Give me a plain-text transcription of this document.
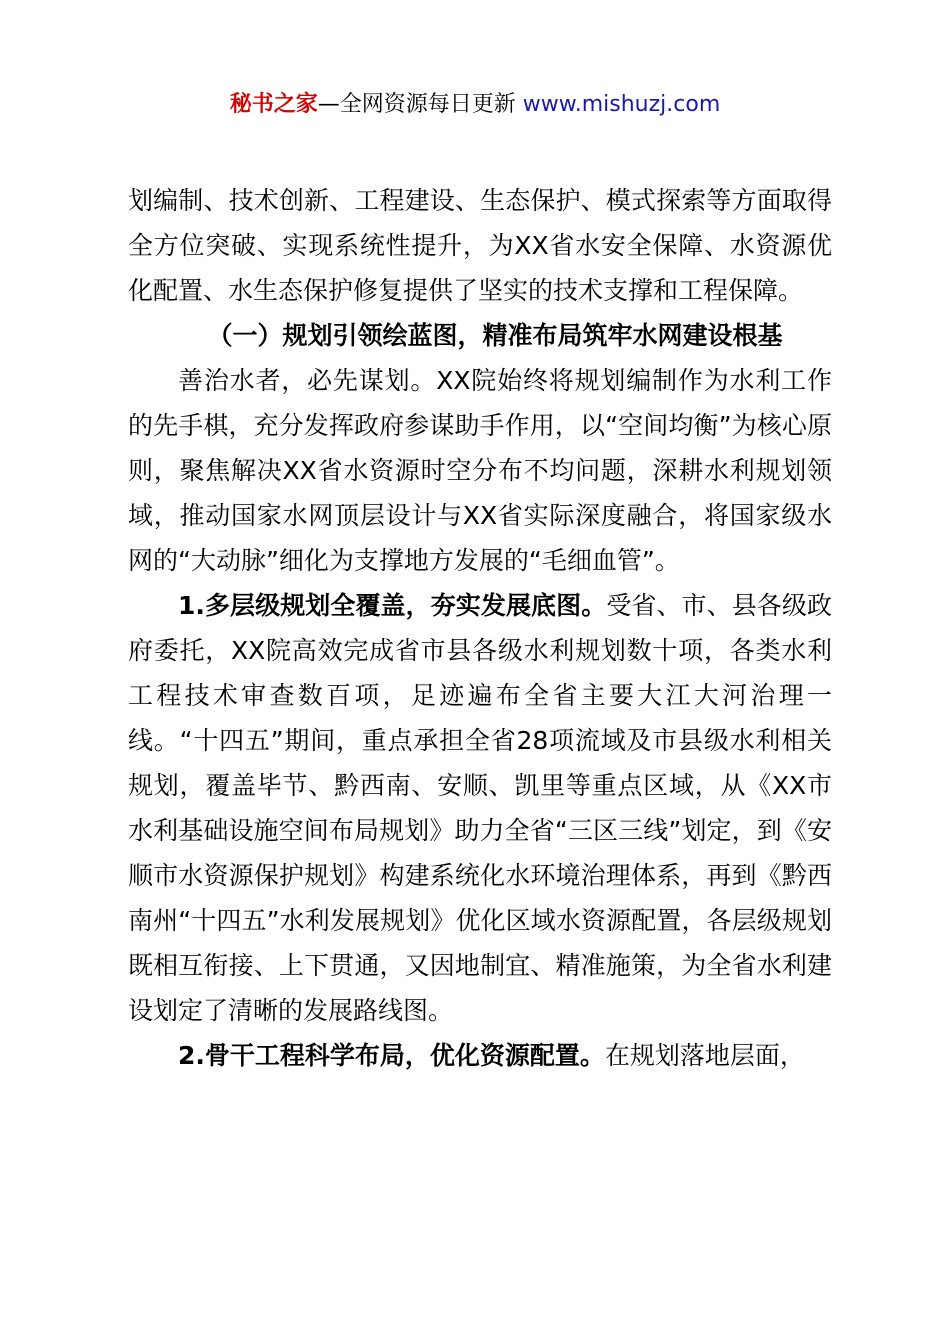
秘书之家—全网资源每日更新 www.mishuzj.com

划编制、技术创新、工程建设、生态保护、模式探索等方面取得全方位突破、实现系统性提升，为XX省水安全保障、水资源优化配置、水生态保护修复提供了坚实的技术支撑和工程保障。

（一）规划引领绘蓝图，精准布局筑牢水网建设根基

善治水者，必先谋划。XX院始终将规划编制作为水利工作的先手棋，充分发挥政府参谋助手作用，以“空间均衡”为核心原则，聚焦解决XX省水资源时空分布不均问题，深耕水利规划领域，推动国家水网顶层设计与XX省实际深度融合，将国家级水网的“大动脉”细化为支撑地方发展的“毛细血管”。

1.多层级规划全覆盖，夯实发展底图。受省、市、县各级政府委托，XX院高效完成省市县各级水利规划数十项，各类水利工程技术审查数百项，足迹遍布全省主要大江大河治理一线。“十四五”期间，重点承担全省28项流域及市县级水利相关规划，覆盖毕节、黔西南、安顺、凯里等重点区域，从《XX市水利基础设施空间布局规划》助力全省“三区三线”划定，到《安顺市水资源保护规划》构建系统化水环境治理体系，再到《黔西南州“十四五”水利发展规划》优化区域水资源配置，各层级规划既相互衔接、上下贯通，又因地制宜、精准施策，为全省水利建设划定了清晰的发展路线图。

2.骨干工程科学布局，优化资源配置。在规划落地层面，
